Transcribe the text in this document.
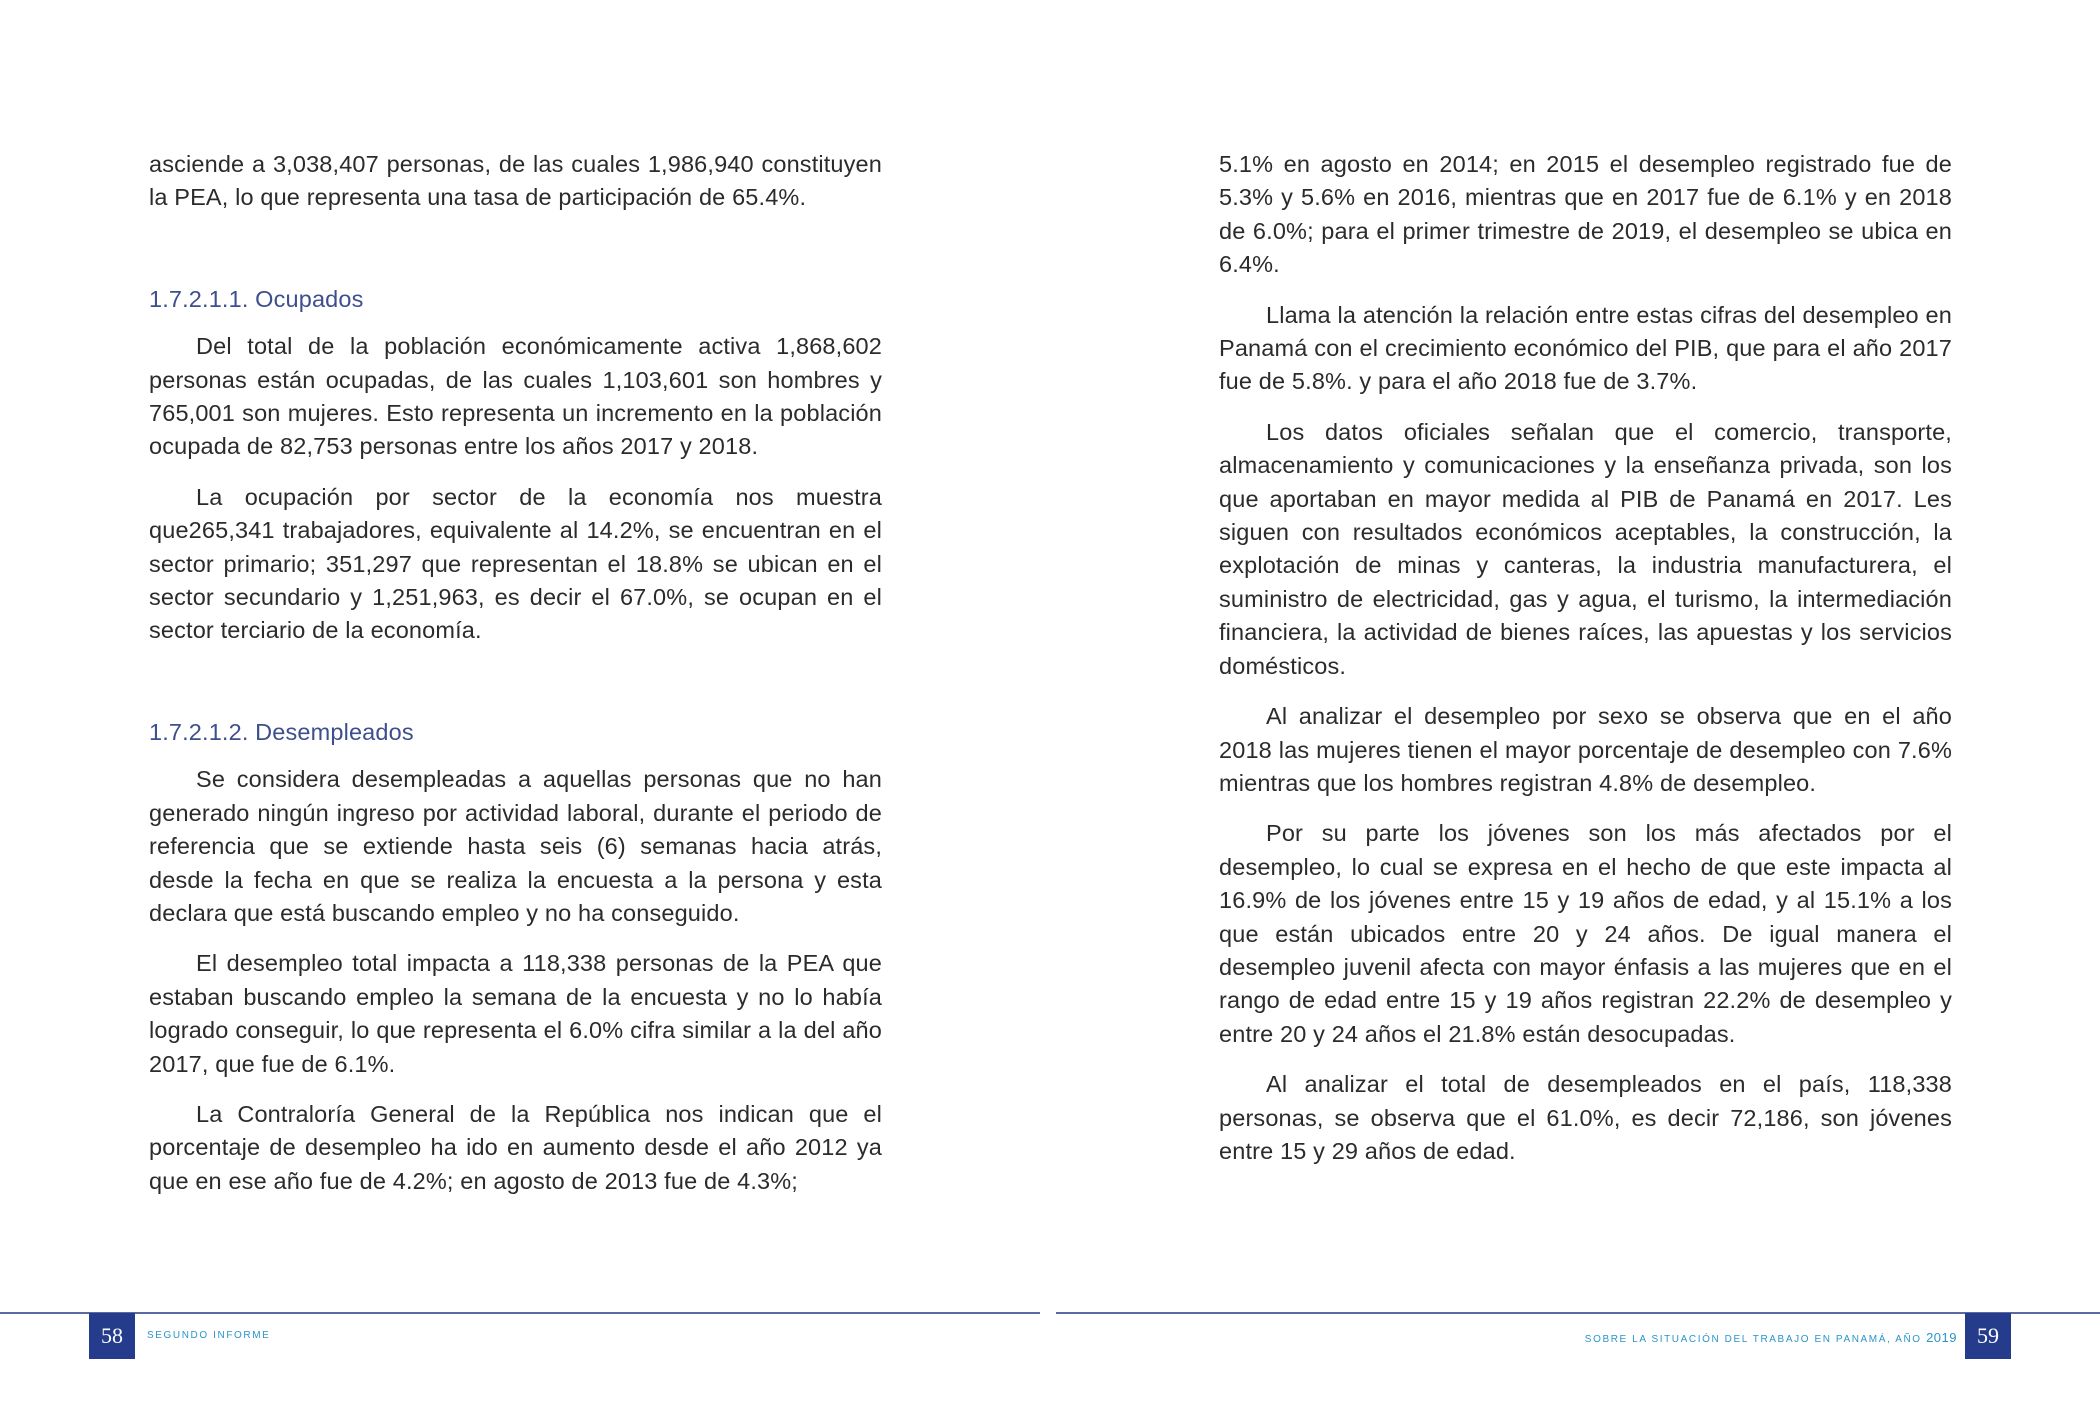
asciende a 3,038,407 personas, de las cuales 1,986,940 constituyen la PEA, lo que representa una tasa de participación de 65.4%.

1.7.2.1.1. Ocupados

Del total de la población económicamente activa 1,868,602 personas están ocupadas, de las cuales 1,103,601 son hombres y 765,001 son mujeres. Esto representa un incremento en la población ocupada de 82,753 personas entre los años 2017 y 2018.

La ocupación por sector de la economía nos muestra que265,341 trabajadores, equivalente al 14.2%, se encuentran en el sector primario; 351,297 que representan el 18.8% se ubican en el sector secundario y 1,251,963, es decir el 67.0%, se ocupan en el sector terciario de la economía.

1.7.2.1.2. Desempleados

Se considera desempleadas a aquellas personas que no han generado ningún ingreso por actividad laboral, durante el periodo de referencia que se extiende hasta seis (6) semanas hacia atrás, desde la fecha en que se realiza la encuesta a la persona y esta declara que está buscando empleo y no ha conseguido.

El desempleo total impacta a 118,338 personas de la PEA que estaban buscando empleo la semana de la encuesta y no lo había logrado conseguir, lo que representa el 6.0% cifra similar a la del año 2017, que fue de 6.1%.

La Contraloría General de la República nos indican que el porcentaje de desempleo ha ido en aumento desde el año 2012 ya que en ese año fue de 4.2%; en agosto de 2013 fue de 4.3%;

5.1% en agosto en 2014; en 2015 el desempleo registrado fue de 5.3% y 5.6% en 2016, mientras que en 2017 fue de 6.1% y en 2018 de 6.0%; para el primer trimestre de 2019, el desempleo se ubica en 6.4%.

Llama la atención la relación entre estas cifras del desempleo en Panamá con el crecimiento económico del PIB, que para el año 2017 fue de 5.8%. y para el año 2018 fue de 3.7%.

Los datos oficiales señalan que el comercio, transporte, almacenamiento y comunicaciones y la enseñanza privada, son los que aportaban en mayor medida al PIB de Panamá en 2017. Les siguen con resultados económicos aceptables, la construcción, la explotación de minas y canteras, la industria manufacturera, el suministro de electricidad, gas y agua, el turismo, la intermediación financiera, la actividad de bienes raíces, las apuestas y los servicios domésticos.

Al analizar el desempleo por sexo se observa que en el año 2018 las mujeres tienen el mayor porcentaje de desempleo con 7.6% mientras que los hombres registran 4.8% de desempleo.

Por su parte los jóvenes son los más afectados por el desempleo, lo cual se expresa en el hecho de que este impacta al 16.9% de los jóvenes entre 15 y 19 años de edad, y al 15.1% a los que están ubicados entre 20 y 24 años. De igual manera el desempleo juvenil afecta con mayor énfasis a las mujeres que en el rango de edad entre 15 y 19 años registran 22.2% de desempleo y entre 20 y 24 años el 21.8% están desocupadas.

Al analizar el total de desempleados en el país, 118,338 personas, se observa que el 61.0%, es decir 72,186, son jóvenes entre 15 y 29 años de edad.

58	SEGUNDO INFORME	SOBRE LA SITUACIÓN DEL TRABAJO EN PANAMÁ, AÑO 2019 59
